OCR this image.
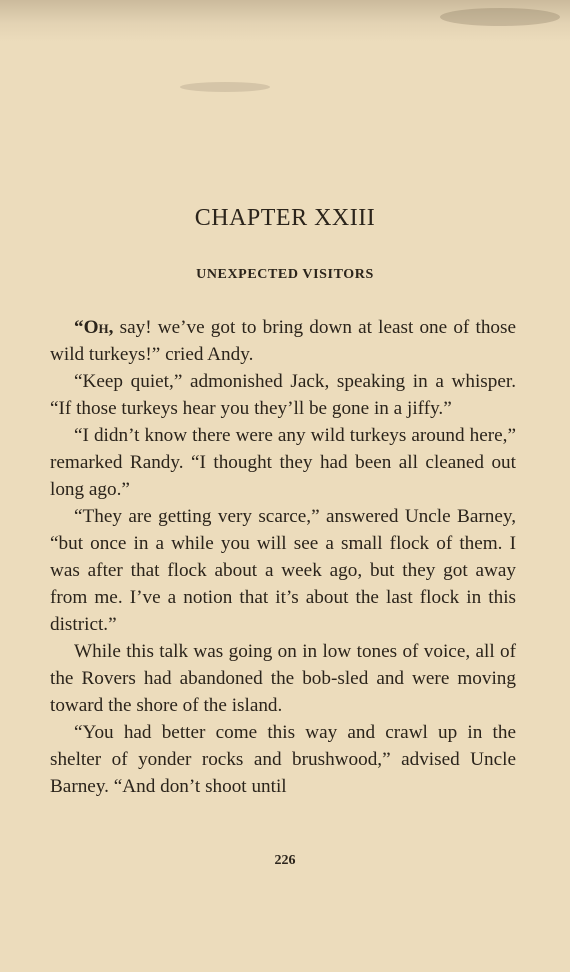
CHAPTER XXIII
UNEXPECTED VISITORS

“Oh, say! we’ve got to bring down at least one of those wild turkeys!” cried Andy.

“Keep quiet,” admonished Jack, speaking in a whisper. “If those turkeys hear you they’ll be gone in a jiffy.”

“I didn’t know there were any wild turkeys around here,” remarked Randy. “I thought they had been all cleaned out long ago.”

“They are getting very scarce,” answered Uncle Barney, “but once in a while you will see a small flock of them. I was after that flock about a week ago, but they got away from me. I’ve a notion that it’s about the last flock in this district.”

While this talk was going on in low tones of voice, all of the Rovers had abandoned the bob-sled and were moving toward the shore of the island.

“You had better come this way and crawl up in the shelter of yonder rocks and brushwood,” advised Uncle Barney. “And don’t shoot until

226
